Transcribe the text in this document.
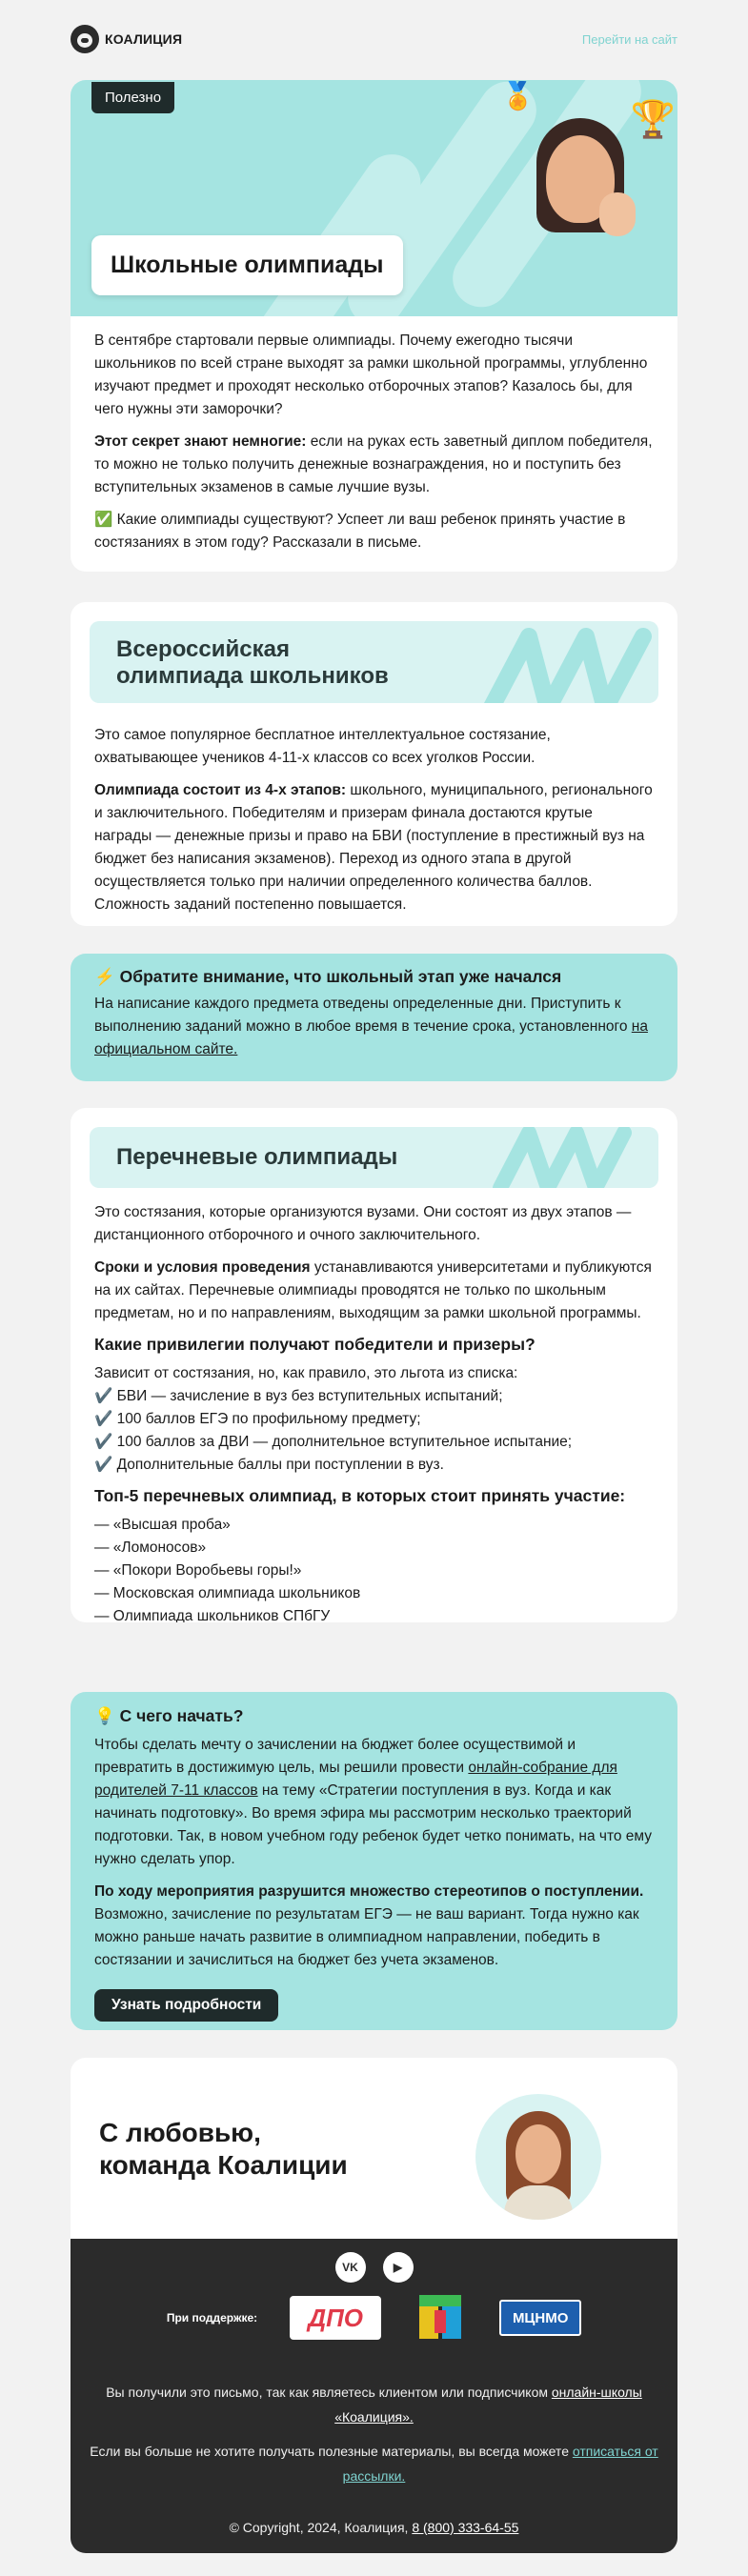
КОАЛИЦИЯ	Перейти на сайт
Полезно	🏅
🏆
Школьные олимпиады

В сентябре стартовали первые олимпиады. Почему ежегодно тысячи школьников по всей стране выходят за рамки школьной программы, углубленно изучают предмет и проходят несколько отборочных этапов? Казалось бы, для чего нужны эти заморочки?

Этот секрет знают немногие: если на руках есть заветный диплом победителя, то можно не только получить денежные вознаграждения, но и поступить без вступительных экзаменов в самые лучшие вузы.

✅ Какие олимпиады существуют? Успеет ли ваш ребенок принять участие в состязаниях в этом году? Рассказали в письме.

Всероссийская
олимпиада школьников

Это самое популярное бесплатное интеллектуальное состязание, охватывающее учеников 4-11-х классов со всех уголков России.

Олимпиада состоит из 4-х этапов: школьного, муниципального, регионального и заключительного. Победителям и призерам финала достаются крутые награды — денежные призы и право на БВИ (поступление в престижный вуз на бюджет без написания экзаменов). Переход из одного этапа в другой осуществляется только при наличии определенного количества баллов. Сложность заданий постепенно повышается.

⚡ Обратите внимание, что школьный этап уже начался

На написание каждого предмета отведены определенные дни. Приступить к выполнению заданий можно в любое время в течение срока, установленного на официальном сайте.

Перечневые олимпиады

Это состязания, которые организуются вузами. Они состоят из двух этапов — дистанционного отборочного и очного заключительного.

Сроки и условия проведения устанавливаются университетами и публикуются на их сайтах. Перечневые олимпиады проводятся не только по школьным предметам, но и по направлениям, выходящим за рамки школьной программы.

Какие привилегии получают победители и призеры?
Зависит от состязания, но, как правило, это льгота из списка:
✔️ БВИ — зачисление в вуз без вступительных испытаний;
✔️ 100 баллов ЕГЭ по профильному предмету;
✔️ 100 баллов за ДВИ — дополнительное вступительное испытание;
✔️ Дополнительные баллы при поступлении в вуз.
Топ-5 перечневых олимпиад, в которых стоит принять участие:
— «Высшая проба»
— «Ломоносов»
— «Покори Воробьевы горы!»
— Московская олимпиада школьников
— Олимпиада школьников СПбГУ
💡 С чего начать?

Чтобы сделать мечту о зачислении на бюджет более осуществимой и превратить в достижимую цель, мы решили провести онлайн-собрание для родителей 7-11 классов на тему «Стратегии поступления в вуз. Когда и как начинать подготовку». Во время эфира мы рассмотрим несколько траекторий подготовки. Так, в новом учебном году ребенок будет четко понимать, на что ему нужно сделать упор.

По ходу мероприятия разрушится множество стереотипов о поступлении. Возможно, зачисление по результатам ЕГЭ — не ваш вариант. Тогда нужно как можно раньше начать развитие в олимпиадном направлении, победить в состязании и зачислиться на бюджет без учета экзаменов.

Узнать подробности
С любовью,
команда Коалиции
VK	▶
При поддержке:	ДПО	МЦНМО

Вы получили это письмо, так как являетесь клиентом или подписчиком онлайн-школы «Коалиция».

Если вы больше не хотите получать полезные материалы, вы всегда можете отписаться от рассылки.

© Copyright, 2024, Коалиция, 8 (800) 333-64-55
